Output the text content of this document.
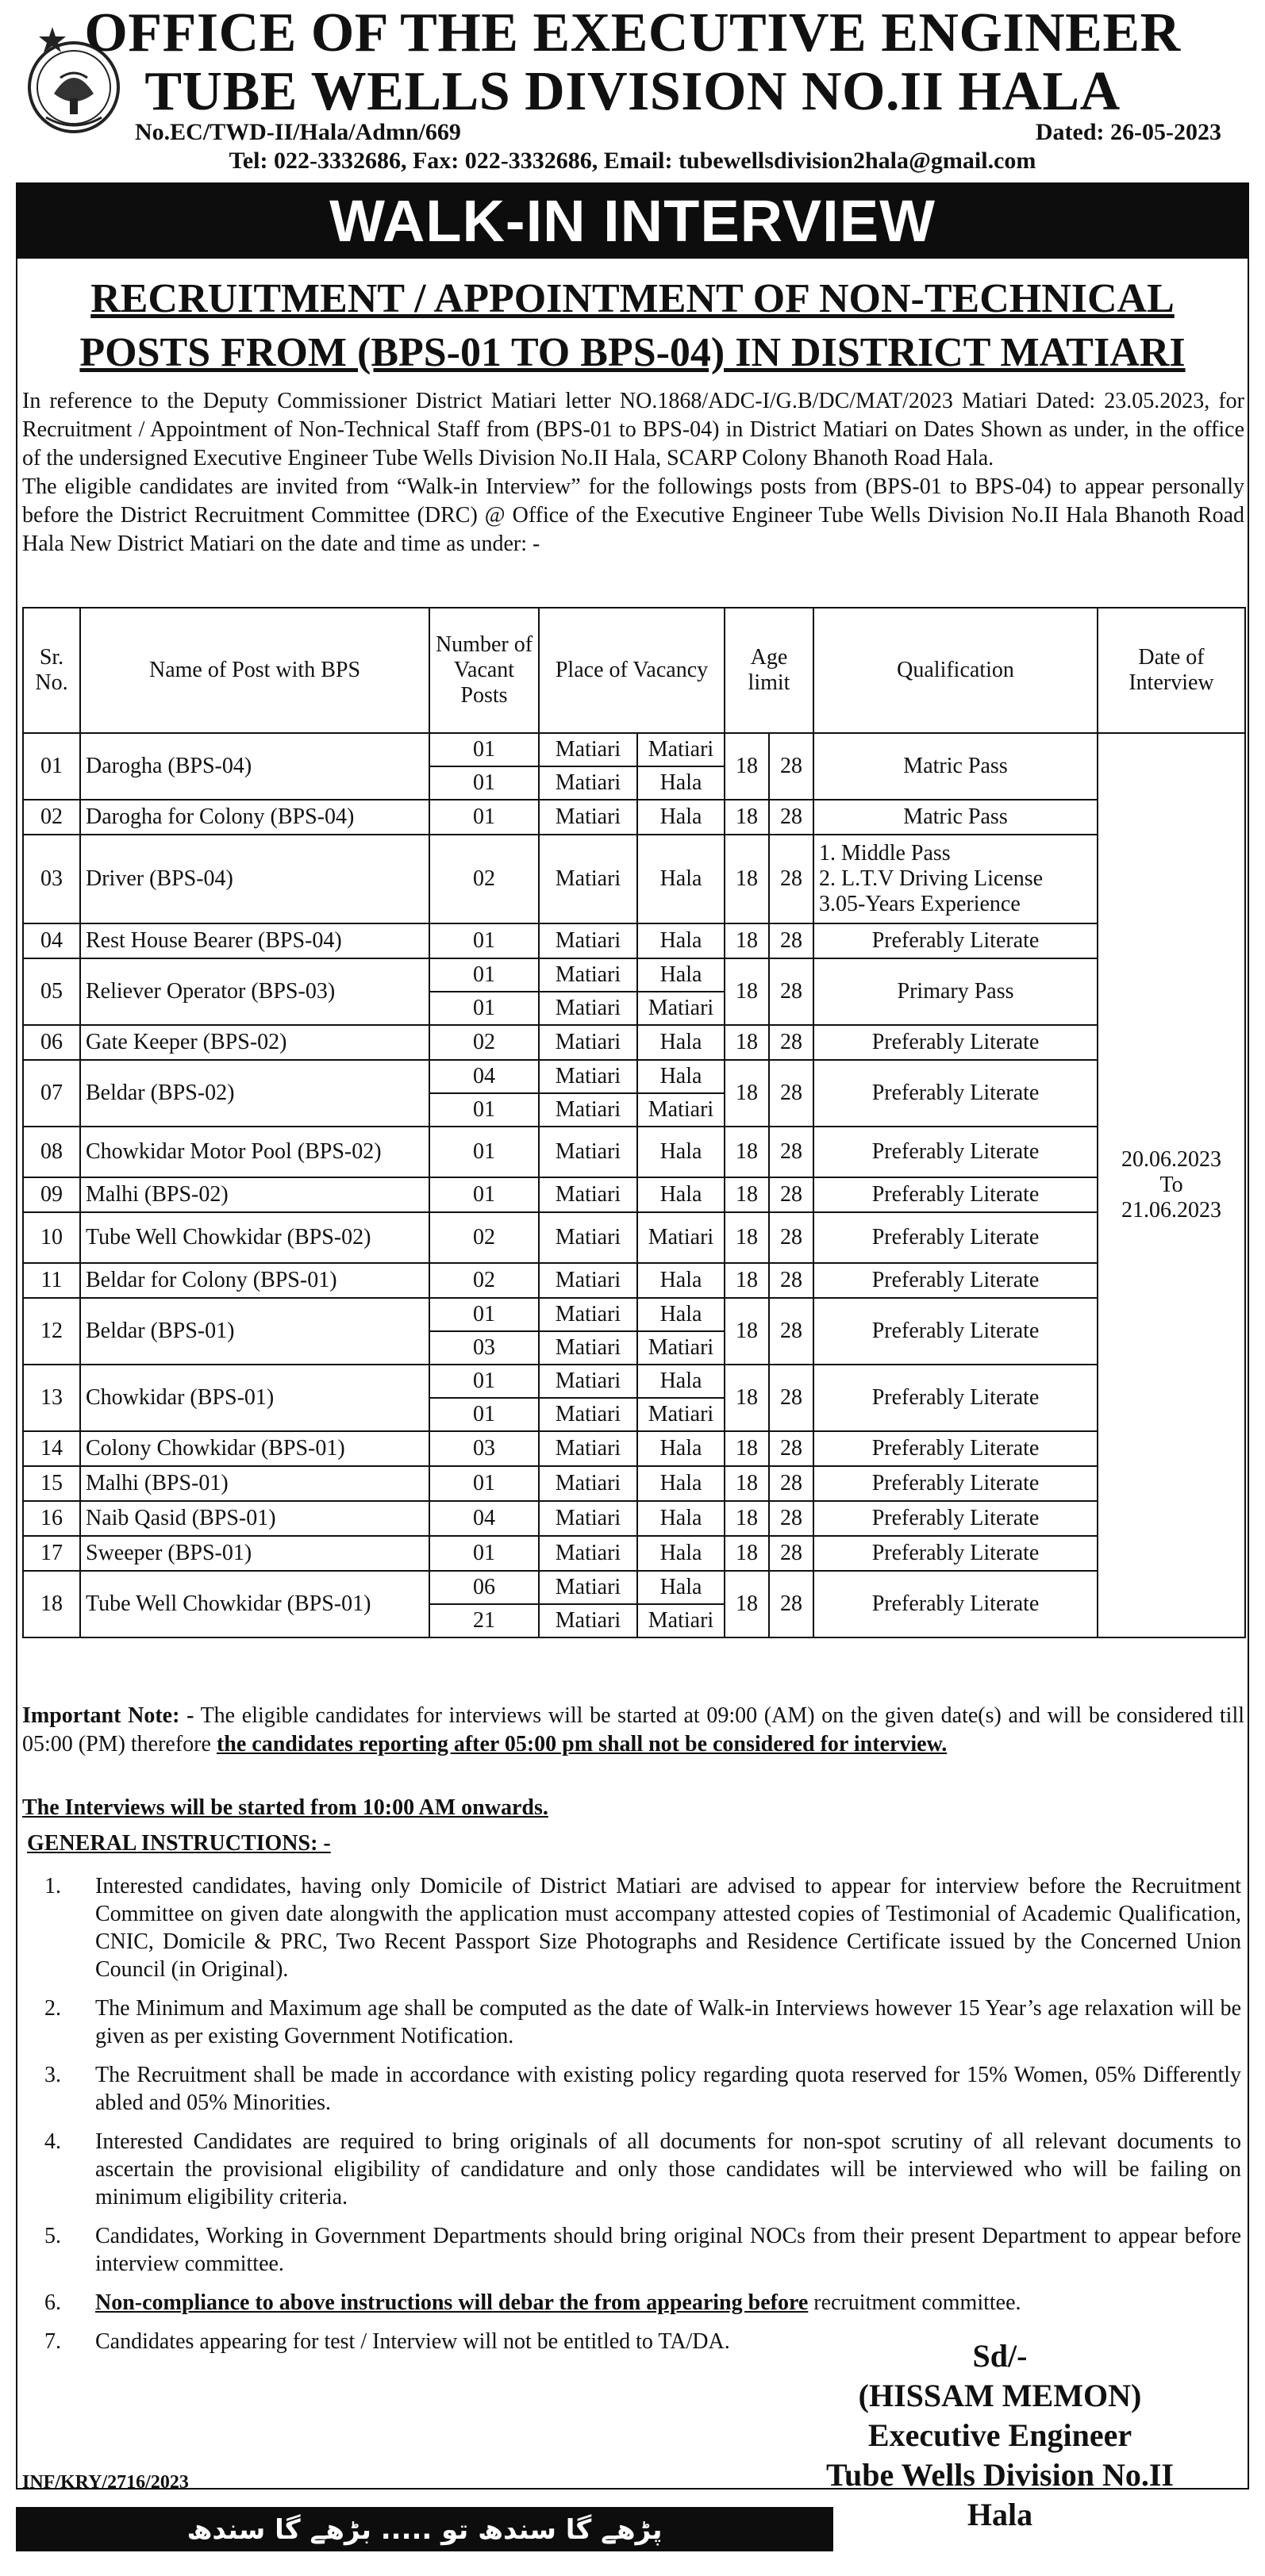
OFFICE OF THE EXECUTIVE ENGINEER
TUBE WELLS DIVISION NO.II HALA
No.EC/TWD-II/Hala/Admn/669	Dated: 26-05-2023
Tel: 022-3332686, Fax: 022-3332686, Email: tubewellsdivision2hala@gmail.com
WALK-IN INTERVIEW
RECRUITMENT / APPOINTMENT OF NON-TECHNICAL
POSTS FROM (BPS-01 TO BPS-04) IN DISTRICT MATIARI

In reference to the Deputy Commissioner District Matiari letter NO.1868/ADC-I/G.B/DC/MAT/2023 Matiari Dated: 23.05.2023, for Recruitment / Appointment of Non-Technical Staff from (BPS-01 to BPS-04) in District Matiari on Dates Shown as under, in the office of the undersigned Executive Engineer Tube Wells Division No.II Hala, SCARP Colony Bhanoth Road Hala.

The eligible candidates are invited from “Walk-in Interview” for the followings posts from (BPS-01 to BPS-04) to appear personally before the District Recruitment Committee (DRC) @ Office of the Executive Engineer Tube Wells Division No.II Hala Bhanoth Road Hala New District Matiari on the date and time as under: -

Sr. No.	Name of Post with BPS	Number of Vacant Posts	Place of Vacancy		Age limit		Qualification	Date of Interview
01	Darogha (BPS-04)	01	Matiari	Matiari	18	28	Matric Pass	20.06.2023
To
21.06.2023

		01	Matiari	Hala				
02	Darogha for Colony (BPS-04)	01	Matiari	Hala	18	28	Matric Pass	
03	Driver (BPS-04)	02	Matiari	Hala	18	28	1. Middle Pass
2. L.T.V Driving License
3.05-Years Experience	

04	Rest House Bearer (BPS-04)	01	Matiari	Hala	18	28	Preferably Literate	
05	Reliever Operator (BPS-03)	01	Matiari	Hala	18	28	Primary Pass	
		01	Matiari	Matiari				
06	Gate Keeper (BPS-02)	02	Matiari	Hala	18	28	Preferably Literate	
07	Beldar (BPS-02)	04	Matiari	Hala	18	28	Preferably Literate	
		01	Matiari	Matiari				
08	Chowkidar Motor Pool (BPS-02)	01	Matiari	Hala	18	28	Preferably Literate	
09	Malhi (BPS-02)	01	Matiari	Hala	18	28	Preferably Literate	
10	Tube Well Chowkidar (BPS-02)	02	Matiari	Matiari	18	28	Preferably Literate	
11	Beldar for Colony (BPS-01)	02	Matiari	Hala	18	28	Preferably Literate	
12	Beldar (BPS-01)	01	Matiari	Hala	18	28	Preferably Literate	
		03	Matiari	Matiari				
13	Chowkidar (BPS-01)	01	Matiari	Hala	18	28	Preferably Literate	
		01	Matiari	Matiari				
14	Colony Chowkidar (BPS-01)	03	Matiari	Hala	18	28	Preferably Literate	
15	Malhi (BPS-01)	01	Matiari	Hala	18	28	Preferably Literate	
16	Naib Qasid (BPS-01)	04	Matiari	Hala	18	28	Preferably Literate	
17	Sweeper (BPS-01)	01	Matiari	Hala	18	28	Preferably Literate	
18	Tube Well Chowkidar (BPS-01)	06	Matiari	Hala	18	28	Preferably Literate	
		21	Matiari	Matiari				
Important Note: - The eligible candidates for interviews will be started at 09:00 (AM) on the given date(s) and will be considered till 05:00 (PM) therefore the candidates reporting after 05:00 pm shall not be considered for interview.
The Interviews will be started from 10:00 AM onwards.
GENERAL INSTRUCTIONS: -
1.	Interested candidates, having only Domicile of District Matiari are advised to appear for interview before the Recruitment Committee on given date alongwith the application must accompany attested copies of Testimonial of Academic Qualification, CNIC, Domicile & PRC, Two Recent Passport Size Photographs and Residence Certificate issued by the Concerned Union Council (in Original).
2.	The Minimum and Maximum age shall be computed as the date of Walk-in Interviews however 15 Year’s age relaxation will be given as per existing Government Notification.
3.	The Recruitment shall be made in accordance with existing policy regarding quota reserved for 15% Women, 05% Differently abled and 05% Minorities.
4.	Interested Candidates are required to bring originals of all documents for non-spot scrutiny of all relevant documents to ascertain the provisional eligibility of candidature and only those candidates will be interviewed who will be failing on minimum eligibility criteria.
5.	Candidates, Working in Government Departments should bring original NOCs from their present Department to appear before interview committee.
6.	Non-compliance to above instructions will debar the from appearing before recruitment committee.
7.	Candidates appearing for test / Interview will not be entitled to TA/DA.	Sd/-
(HISSAM MEMON)
Executive Engineer
Tube Wells Division No.II
Hala
INF/KRY/2716/2023
پڑھے گا سندھ تو ..... بڑھے گا سندھ
